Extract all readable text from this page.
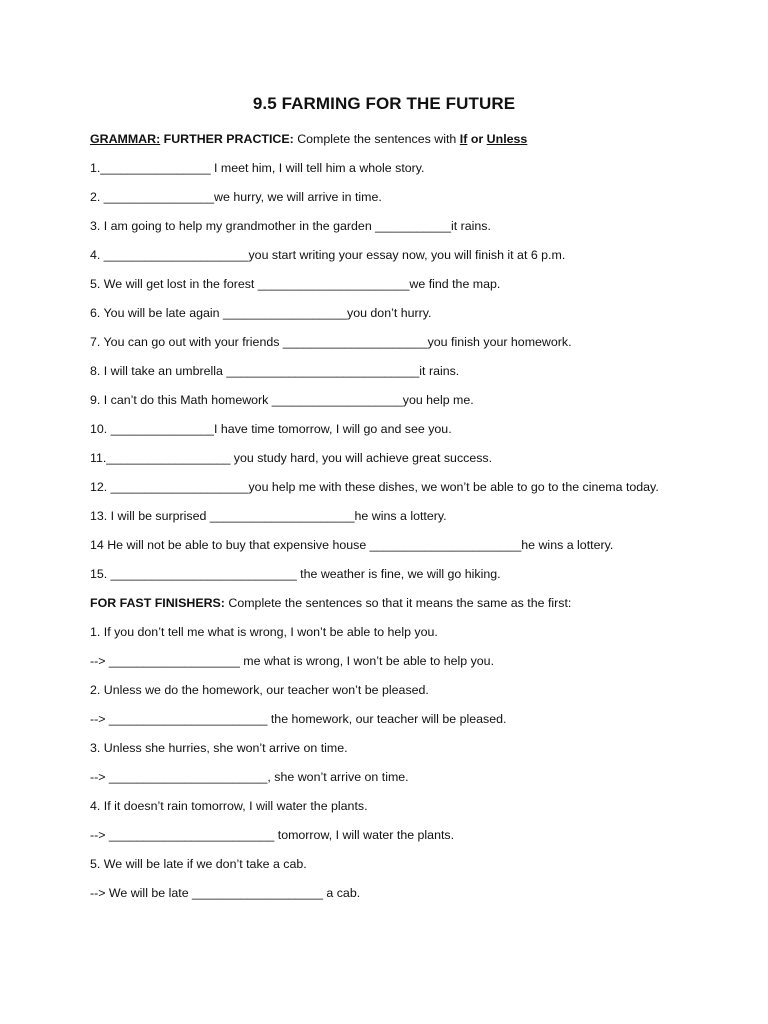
9.5 FARMING FOR THE FUTURE
GRAMMAR: FURTHER PRACTICE: Complete the sentences with If or Unless
1.________________ I meet him, I will tell him a whole story.
2. ________________we hurry, we will arrive in time.
3. I am going to help my grandmother in the garden ___________it rains.
4. _____________________you start writing your essay now, you will finish it at 6 p.m.
5. We will get lost in the forest ______________________we find the map.
6. You will be late again __________________you don’t hurry.
7. You can go out with your friends _____________________you finish your homework.
8. I will take an umbrella ____________________________it rains.
9. I can’t do this Math homework ___________________you help me.
10. _______________I have time tomorrow, I will go and see you.
11.__________________ you study hard, you will achieve great success.
12. ____________________you help me with these dishes, we won’t be able to go to the cinema today.
13. I will be surprised _____________________he wins a lottery.
14 He will not be able to buy that expensive house ______________________he wins a lottery.
15. ___________________________ the weather is fine, we will go hiking.
FOR FAST FINISHERS: Complete the sentences so that it means the same as the first:
1. If you don’t tell me what is wrong, I won’t be able to help you.
--> ___________________ me what is wrong, I won’t be able to help you.
2. Unless we do the homework, our teacher won’t be pleased.
--> _______________________ the homework, our teacher will be pleased.
3. Unless she hurries, she won’t arrive on time.
--> _______________________, she won’t arrive on time.
4. If it doesn’t rain tomorrow, I will water the plants.
--> ________________________ tomorrow, I will water the plants.
5. We will be late if we don’t take a cab.
--> We will be late ___________________ a cab.
